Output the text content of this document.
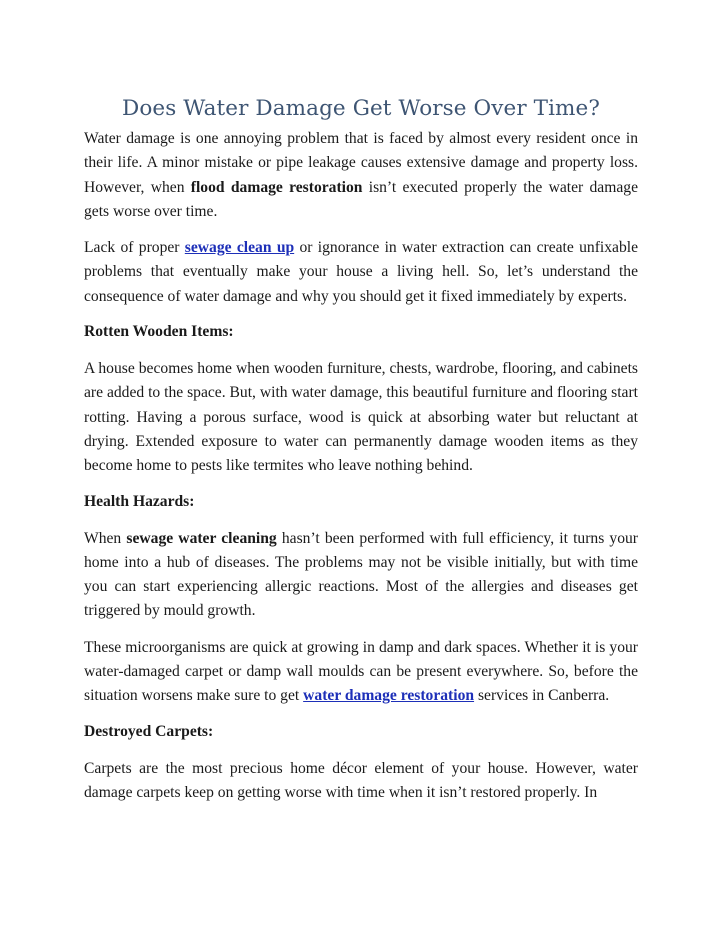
Does Water Damage Get Worse Over Time?

Water damage is one annoying problem that is faced by almost every resident once in their life. A minor mistake or pipe leakage causes extensive damage and property loss. However, when flood damage restoration isn’t executed properly the water damage gets worse over time.

Lack of proper sewage clean up or ignorance in water extraction can create unfixable problems that eventually make your house a living hell. So, let’s understand the consequence of water damage and why you should get it fixed immediately by experts.

Rotten Wooden Items:

A house becomes home when wooden furniture, chests, wardrobe, flooring, and cabinets are added to the space. But, with water damage, this beautiful furniture and flooring start rotting. Having a porous surface, wood is quick at absorbing water but reluctant at drying. Extended exposure to water can permanently damage wooden items as they become home to pests like termites who leave nothing behind.

Health Hazards:

When sewage water cleaning hasn’t been performed with full efficiency, it turns your home into a hub of diseases. The problems may not be visible initially, but with time you can start experiencing allergic reactions. Most of the allergies and diseases get triggered by mould growth.

These microorganisms are quick at growing in damp and dark spaces. Whether it is your water-damaged carpet or damp wall moulds can be present everywhere. So, before the situation worsens make sure to get water damage restoration services in Canberra.

Destroyed Carpets:

Carpets are the most precious home décor element of your house. However, water damage carpets keep on getting worse with time when it isn’t restored properly. In
